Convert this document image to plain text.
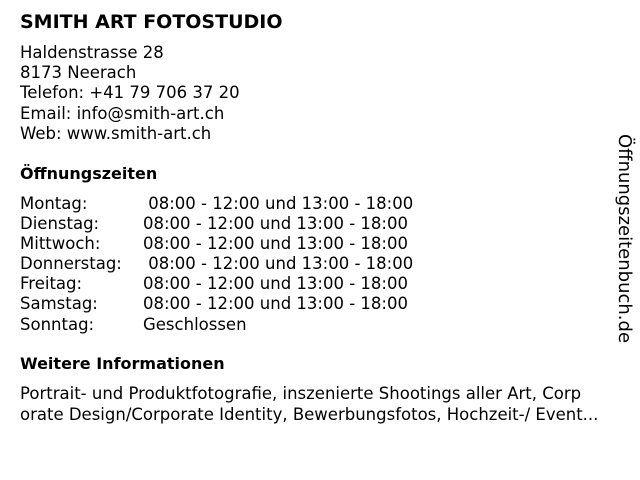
SMITH ART FOTOSTUDIO
Haldenstrasse 28
8173 Neerach
Telefon: +41 79 706 37 20
Email: info@smith-art.ch
Web: www.smith-art.ch
Öffnungszeiten
Montag:	08:00 - 12:00 und 13:00 - 18:00
Dienstag:	08:00 - 12:00 und 13:00 - 18:00
Mittwoch:	08:00 - 12:00 und 13:00 - 18:00
Donnerstag:	08:00 - 12:00 und 13:00 - 18:00
Freitag:	08:00 - 12:00 und 13:00 - 18:00
Samstag:	08:00 - 12:00 und 13:00 - 18:00
Sonntag:	Geschlossen
Weitere Informationen
Portrait- und Produktfotografie, inszenierte Shootings aller Art, Corp
orate Design/Corporate Identity, Bewerbungsfotos, Hochzeit-/ Event...
Öffnungszeitenbuch.de
